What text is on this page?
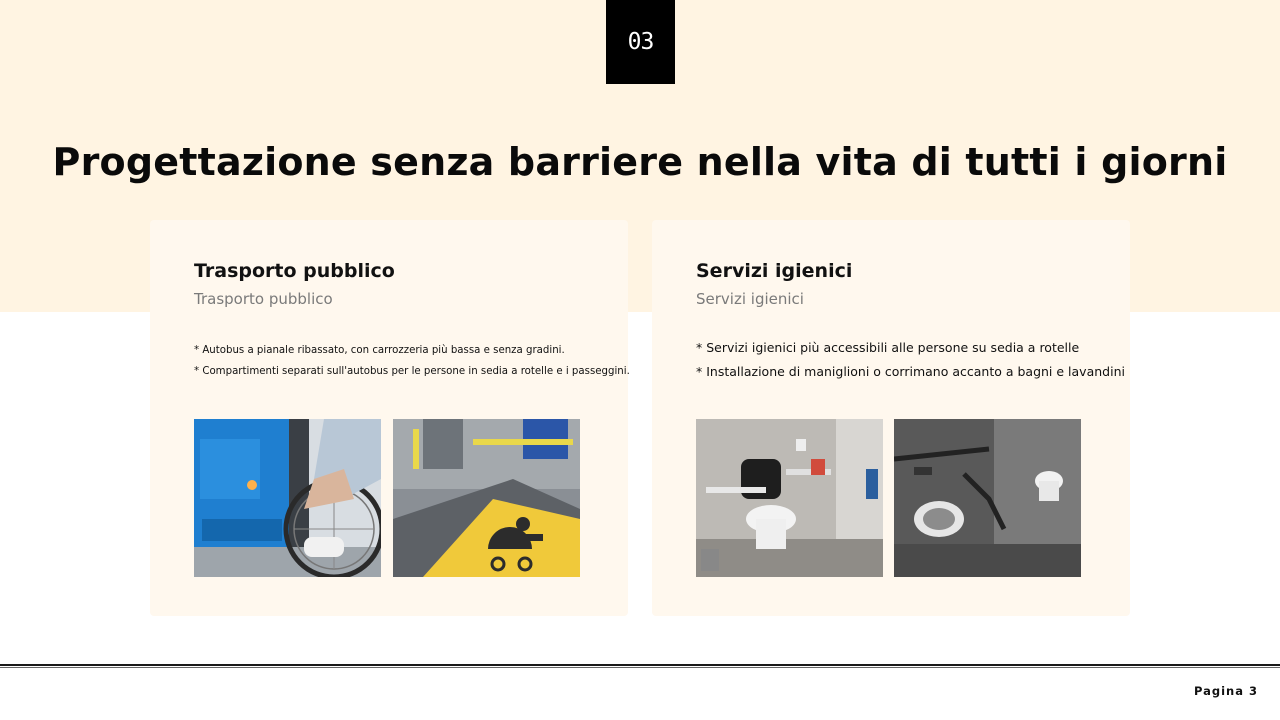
03
Progettazione senza barriere nella vita di tutti i giorni
Trasporto pubblico
Trasporto pubblico
* Autobus a pianale ribassato, con carrozzeria più bassa e senza gradini.
* Compartimenti separati sull'autobus per le persone in sedia a rotelle e i passeggini.
Servizi igienici
Servizi igienici
* Servizi igienici più accessibili alle persone su sedia a rotelle
* Installazione di maniglioni o corrimano accanto a bagni e lavandini
Pagina 3
